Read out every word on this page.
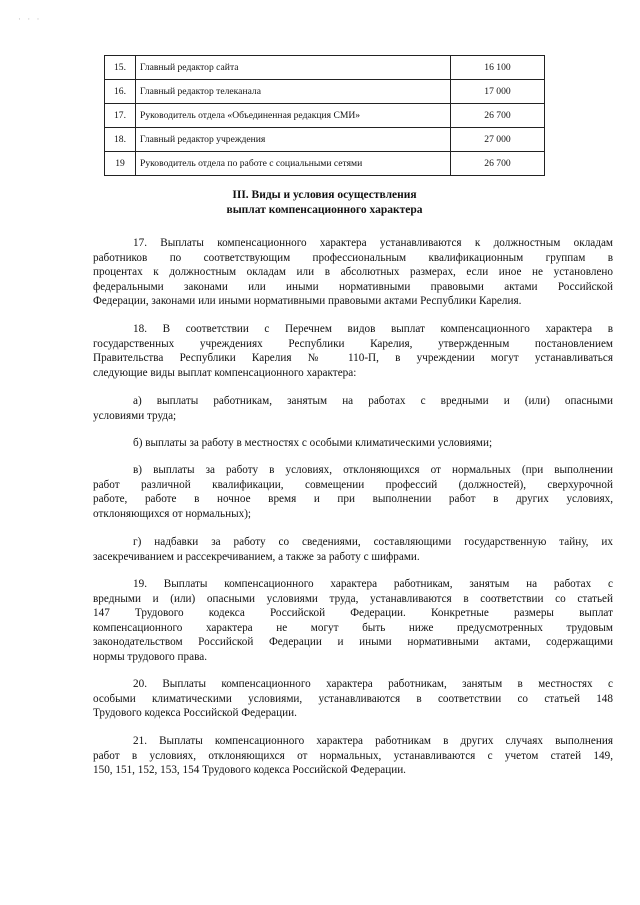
· · ·
15.	Главный редактор сайта	16 100
16.	Главный редактор телеканала	17 000
17.	Руководитель отдела «Объединенная редакция СМИ»	26 700
18.	Главный редактор учреждения	27 000
19	Руководитель отдела по работе с социальными сетями	26 700
III. Виды и условия осуществления
выплат компенсационного характера
17. Выплаты компенсационного характера устанавливаются к должностным окладам
работников по соответствующим профессиональным квалификационным группам в
процентах к должностным окладам или в абсолютных размерах, если иное не установлено
федеральными законами или иными нормативными правовыми актами Российской
Федерации, законами или иными нормативными правовыми актами Республики Карелия.
18. В соответствии с Перечнем видов выплат компенсационного характера в
государственных учреждениях Республики Карелия, утвержденным постановлением
Правительства Республики Карелия № 110-П, в учреждении могут устанавливаться
следующие виды выплат компенсационного характера:
а) выплаты работникам, занятым на работах с вредными и (или) опасными
условиями труда;
б) выплаты за работу в местностях с особыми климатическими условиями;
в) выплаты за работу в условиях, отклоняющихся от нормальных (при выполнении
работ различной квалификации, совмещении профессий (должностей), сверхурочной
работе, работе в ночное время и при выполнении работ в других условиях,
отклоняющихся от нормальных);
г) надбавки за работу со сведениями, составляющими государственную тайну, их
засекречиванием и рассекречиванием, а также за работу с шифрами.
19. Выплаты компенсационного характера работникам, занятым на работах с
вредными и (или) опасными условиями труда, устанавливаются в соответствии со статьей
147 Трудового кодекса Российской Федерации. Конкретные размеры выплат
компенсационного характера не могут быть ниже предусмотренных трудовым
законодательством Российской Федерации и иными нормативными актами, содержащими
нормы трудового права.
20. Выплаты компенсационного характера работникам, занятым в местностях с
особыми климатическими условиями, устанавливаются в соответствии со статьей 148
Трудового кодекса Российской Федерации.
21. Выплаты компенсационного характера работникам в других случаях выполнения
работ в условиях, отклоняющихся от нормальных, устанавливаются с учетом статей 149,
150, 151, 152, 153, 154 Трудового кодекса Российской Федерации.
